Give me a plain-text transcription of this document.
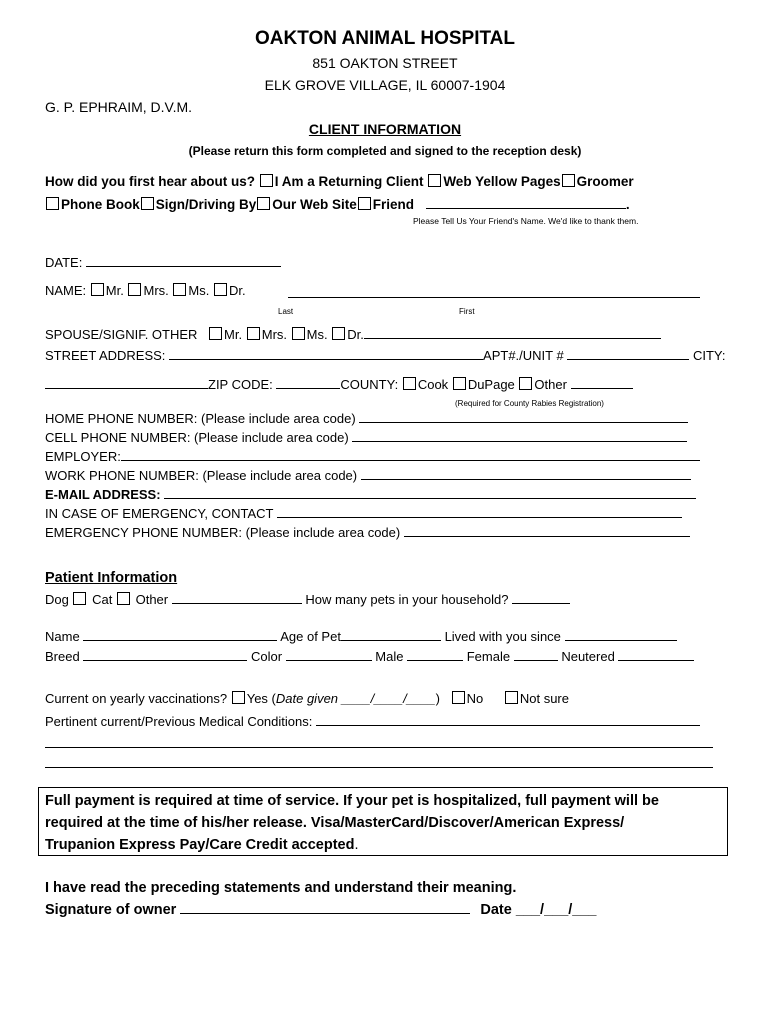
OAKTON ANIMAL HOSPITAL
851 OAKTON STREET
ELK GROVE VILLAGE, IL 60007-1904
G. P. EPHRAIM, D.V.M.
CLIENT INFORMATION
(Please return this form completed and signed to the reception desk)
How did you first hear about us? I Am a Returning Client Web Yellow Pages Groomer
Phone Book Sign/Driving By Our Web Site Friend	.
Please Tell Us Your Friend's Name. We'd like to thank them.
DATE:
NAME: Mr. Mrs. Ms. Dr.
Last	First
SPOUSE/SIGNIF. OTHER Mr. Mrs. Ms. Dr.
STREET ADDRESS:	APT#./UNIT #	CITY:
ZIP CODE:	COUNTY: Cook DuPage Other
(Required for County Rabies Registration)
HOME PHONE NUMBER: (Please include area code)
CELL PHONE NUMBER: (Please include area code)
EMPLOYER:
WORK PHONE NUMBER: (Please include area code)
E-MAIL ADDRESS:
IN CASE OF EMERGENCY, CONTACT
EMERGENCY PHONE NUMBER: (Please include area code)
Patient Information
Dog Cat Other	How many pets in your household?
Name	Age of Pet	Lived with you since
Breed	Color	Male	Female	Neutered
Current on yearly vaccinations? Yes (Date given ____/____/____) No	Not sure
Pertinent current/Previous Medical Conditions:
Full payment is required at time of service. If your pet is hospitalized, full payment will be
required at the time of his/her release. Visa/MasterCard/Discover/American Express/
Trupanion Express Pay/Care Credit accepted.
I have read the preceding statements and understand their meaning.
Signature of owner	Date ___/___/___
